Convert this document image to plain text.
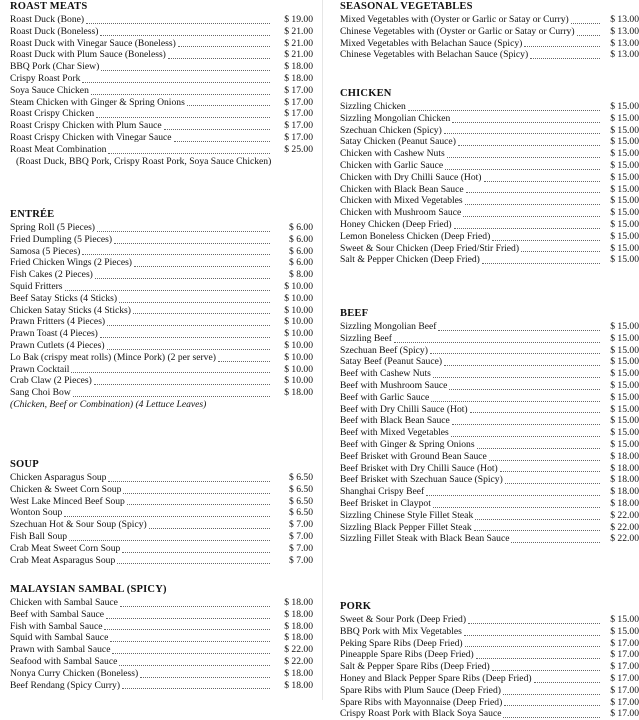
ROAST MEATS
Roast Duck (Bone)	$ 19.00
Roast Duck (Boneless)	$ 21.00
Roast Duck with Vinegar Sauce (Boneless)	$ 21.00
Roast Duck with Plum Sauce (Boneless)	$ 21.00
BBQ Pork (Char Siew)	$ 18.00
Crispy Roast Pork	$ 18.00
Soya Sauce Chicken	$ 17.00
Steam Chicken with Ginger & Spring Onions	$ 17.00
Roast Crispy Chicken	$ 17.00
Roast Crispy Chicken with Plum Sauce	$ 17.00
Roast Crispy Chicken with Vinegar Sauce	$ 17.00
Roast Meat Combination	$ 25.00
(Roast Duck, BBQ Pork, Crispy Roast Pork, Soya Sauce Chicken)
ENTRÉE
Spring Roll (5 Pieces)	$ 6.00
Fried Dumpling (5 Pieces)	$ 6.00
Samosa (5 Pieces)	$ 6.00
Fried Chicken Wings (2 Pieces)	$ 6.00
Fish Cakes (2 Pieces)	$ 8.00
Squid Fritters	$ 10.00
Beef Satay Sticks (4 Sticks)	$ 10.00
Chicken Satay Sticks (4 Sticks)	$ 10.00
Prawn Fritters (4 Pieces)	$ 10.00
Prawn Toast (4 Pieces)	$ 10.00
Prawn Cutlets (4 Pieces)	$ 10.00
Lo Bak (crispy meat rolls) (Mince Pork) (2 per serve)	$ 10.00
Prawn Cocktail	$ 10.00
Crab Claw (2 Pieces)	$ 10.00
Sang Choi Bow	$ 18.00
(Chicken, Beef or Combination) (4 Lettuce Leaves)
SOUP
Chicken Asparagus Soup	$ 6.50
Chicken & Sweet Corn Soup	$ 6.50
West Lake Minced Beef Soup	$ 6.50
Wonton Soup	$ 6.50
Szechuan Hot & Sour Soup (Spicy)	$ 7.00
Fish Ball Soup	$ 7.00
Crab Meat Sweet Corn Soup	$ 7.00
Crab Meat Asparagus Soup	$ 7.00
MALAYSIAN SAMBAL (SPICY)
Chicken with Sambal Sauce	$ 18.00
Beef with Sambal Sauce	$ 18.00
Fish with Sambal Sauce	$ 18.00
Squid with Sambal Sauce	$ 18.00
Prawn with Sambal Sauce	$ 22.00
Seafood with Sambal Sauce	$ 22.00
Nonya Curry Chicken (Boneless)	$ 18.00
Beef Rendang (Spicy Curry)	$ 18.00
SEASONAL VEGETABLES
Mixed Vegetables with (Oyster or Garlic or Satay or Curry)	$ 13.00
Chinese Vegetables with (Oyster or Garlic or Satay or Curry)	$ 13.00
Mixed Vegetables with Belachan Sauce (Spicy)	$ 13.00
Chinese Vegetables with Belachan Sauce (Spicy)	$ 13.00
CHICKEN
Sizzling Chicken	$ 15.00
Sizzling Mongolian Chicken	$ 15.00
Szechuan Chicken (Spicy)	$ 15.00
Satay Chicken (Peanut Sauce)	$ 15.00
Chicken with Cashew Nuts	$ 15.00
Chicken with Garlic Sauce	$ 15.00
Chicken with Dry Chilli Sauce (Hot)	$ 15.00
Chicken with Black Bean Sauce	$ 15.00
Chicken with Mixed Vegetables	$ 15.00
Chicken with Mushroom Sauce	$ 15.00
Honey Chicken (Deep Fried)	$ 15.00
Lemon Boneless Chicken (Deep Fried)	$ 15.00
Sweet & Sour Chicken (Deep Fried/Stir Fried)	$ 15.00
Salt & Pepper Chicken (Deep Fried)	$ 15.00
BEEF
Sizzling Mongolian Beef	$ 15.00
Sizzling Beef	$ 15.00
Szechuan Beef (Spicy)	$ 15.00
Satay Beef (Peanut Sauce)	$ 15.00
Beef with Cashew Nuts	$ 15.00
Beef with Mushroom Sauce	$ 15.00
Beef with Garlic Sauce	$ 15.00
Beef with Dry Chilli Sauce (Hot)	$ 15.00
Beef with Black Bean Sauce	$ 15.00
Beef with Mixed Vegetables	$ 15.00
Beef with Ginger & Spring Onions	$ 15.00
Beef Brisket with Ground Bean Sauce	$ 18.00
Beef Brisket with Dry Chilli Sauce (Hot)	$ 18.00
Beef Brisket with Szechuan Sauce (Spicy)	$ 18.00
Shanghai Crispy Beef	$ 18.00
Beef Brisket in Claypot	$ 18.00
Sizzling Chinese Style Fillet Steak	$ 22.00
Sizzling Black Pepper Fillet Steak	$ 22.00
Sizzling Fillet Steak with Black Bean Sauce	$ 22.00
PORK
Sweet & Sour Pork (Deep Fried)	$ 15.00
BBQ Pork with Mix Vegetables	$ 15.00
Peking Spare Ribs (Deep Fried)	$ 17.00
Pineapple Spare Ribs (Deep Fried)	$ 17.00
Salt & Pepper Spare Ribs (Deep Fried)	$ 17.00
Honey and Black Pepper Spare Ribs (Deep Fried)	$ 17.00
Spare Ribs with Plum Sauce (Deep Fried)	$ 17.00
Spare Ribs with Mayonnaise (Deep Fried)	$ 17.00
Crispy Roast Pork with Black Soya Sauce	$ 17.00
